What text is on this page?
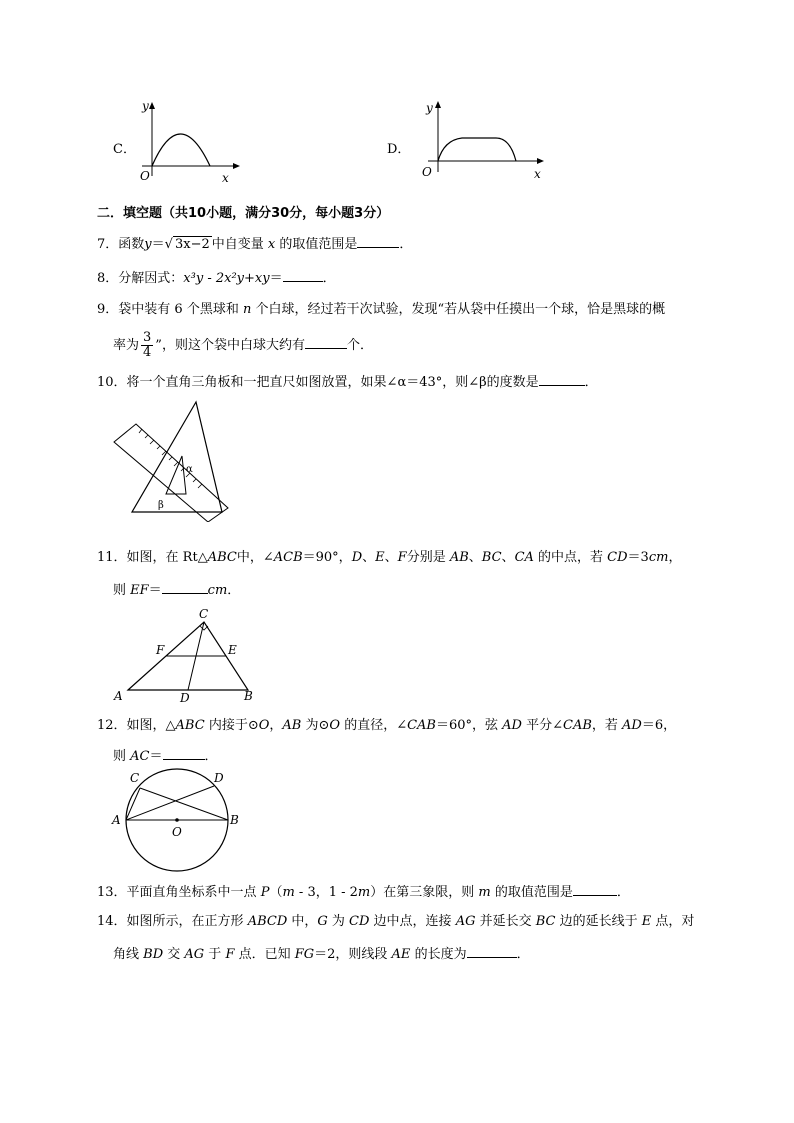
C．
y
x
O
D．
y
x
O
二．填空题（共10小题，满分30分，每小题3分）
7．函数y＝√ 3x−2 中自变量 x 的取值范围是	．
8．分解因式：x³y - 2x²y+xy＝	．
9．袋中装有 6 个黑球和 n 个白球，经过若干次试验，发现“若从袋中任摸出一个球，恰是黑球的概
率为 $\frac{3}{4}$ ”，则这个袋中白球大约有	个．
10．将一个直角三角板和一把直尺如图放置，如果∠α＝43°，则∠β的度数是	．
α
β
11．如图，在 Rt△ABC中，∠ACB＝90°，D、E、F分别是 AB、BC、CA 的中点，若 CD＝3cm，
则 EF＝	cm．
C
F	E
A	D	B
12．如图，△ABC 内接于⊙O，AB 为⊙O 的直径，∠CAB＝60°，弦 AD 平分∠CAB，若 AD＝6，
则 AC＝	．
C	D
A	B
O
13．平面直角坐标系中一点 P（m - 3，1 - 2m）在第三象限，则 m 的取值范围是	．
14．如图所示，在正方形 ABCD 中，G 为 CD 边中点，连接 AG 并延长交 BC 边的延长线于 E 点，对
角线 BD 交 AG 于 F 点．已知 FG＝2，则线段 AE 的长度为	．
